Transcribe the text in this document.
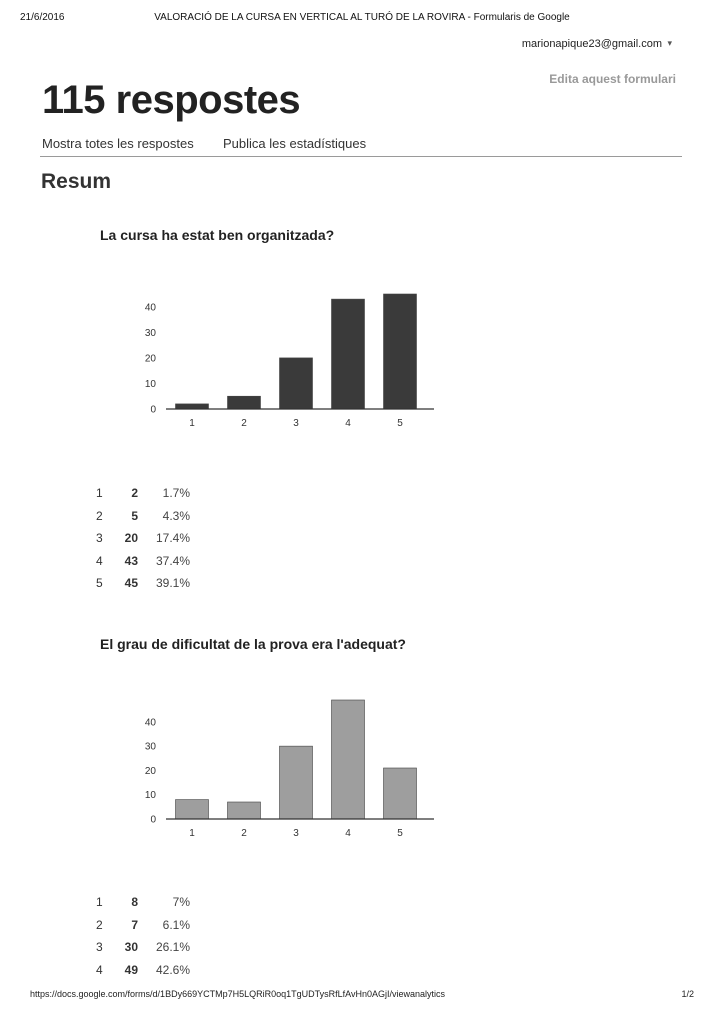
21/6/2016	VALORACIÓ DE LA CURSA EN VERTICAL AL TURÓ DE LA ROVIRA - Formularis de Google
marionapique23@gmail.com ▾
Edita aquest formulari
115 respostes
Mostra totes les respostes Publica les estadístiques
Resum
La cursa ha estat ben organitzada?
0
10
20
30
40
1	2	3	4	5
1	2	1.7%
2	5	4.3%
3	20	17.4%
4	43	37.4%
5	45	39.1%
El grau de dificultat de la prova era l'adequat?
0
10
20
30
40
1	2	3	4	5
1	8	7%
2	7	6.1%
3	30	26.1%
4	49	42.6%
https://docs.google.com/forms/d/1BDy669YCTMp7H5LQRiR0oq1TgUDTysRfLfAvHn0AGjI/viewanalytics	1/2
